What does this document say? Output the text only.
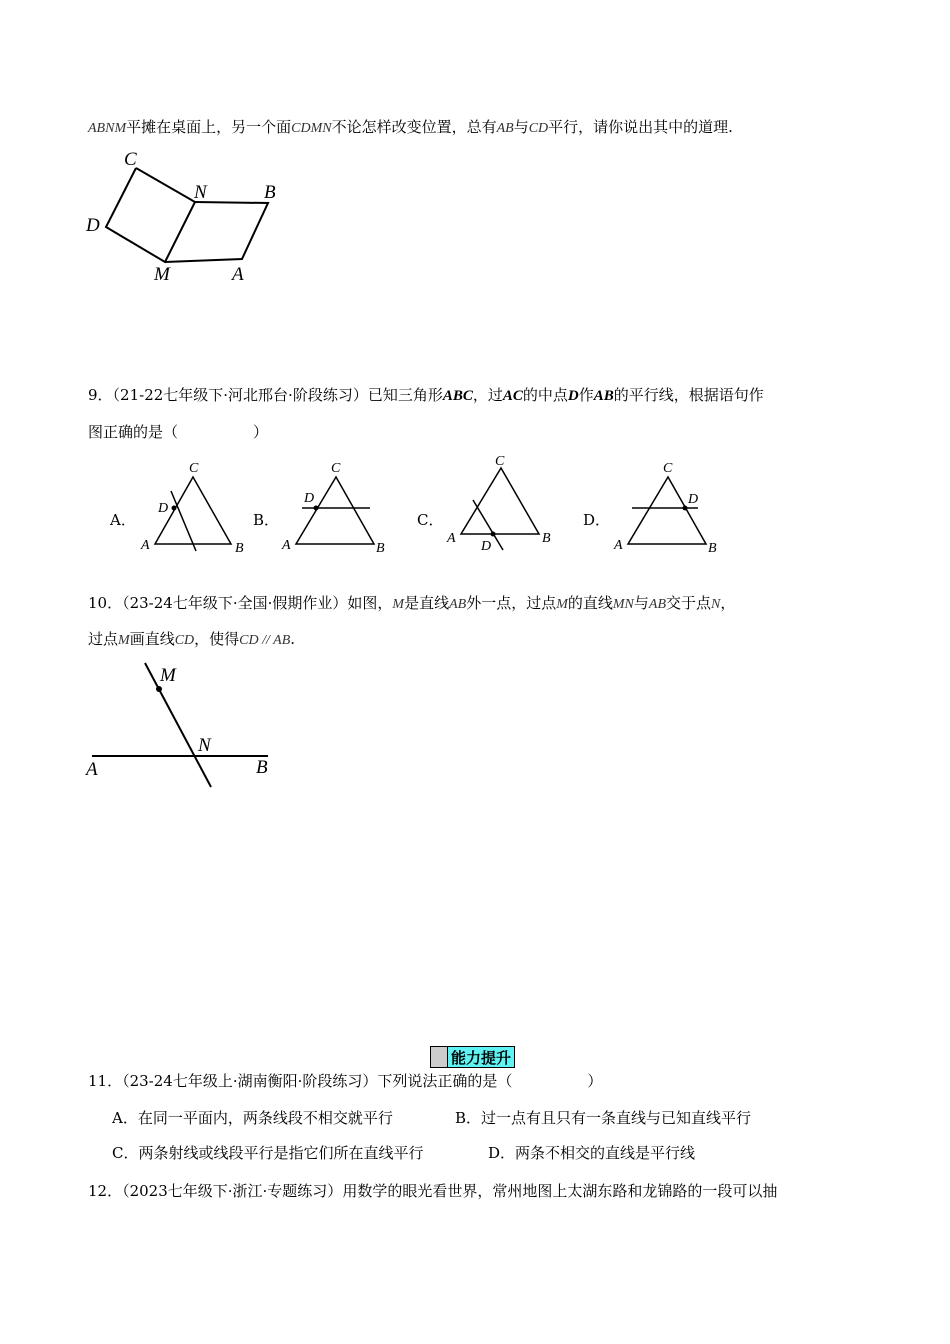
ABNM平摊在桌面上，另一个面CDMN不论怎样改变位置，总有AB与CD平行，请你说出其中的道理.
C
N	B
D
M	A
9．（21-22七年级下·河北邢台·阶段练习）已知三角形ABC，过AC的中点D作AB的平行线，根据语句作
图正确的是（　　　　　）
A．	B．	C．	D．
C
D
A	B
C
D
A	B
C
A
D
B
C
D
A	B
10．（23-24七年级下·全国·假期作业）如图，M是直线AB外一点，过点M的直线MN与AB交于点N，
过点M画直线CD，使得CD // AB.
M
N
A	B
能力提升
11．（23-24七年级上·湖南衡阳·阶段练习）下列说法正确的是（　　　　　）
A．在同一平面内，两条线段不相交就平行	B．过一点有且只有一条直线与已知直线平行
C．两条射线或线段平行是指它们所在直线平行	D．两条不相交的直线是平行线
12．（2023七年级下·浙江·专题练习）用数学的眼光看世界，常州地图上太湖东路和龙锦路的一段可以抽
